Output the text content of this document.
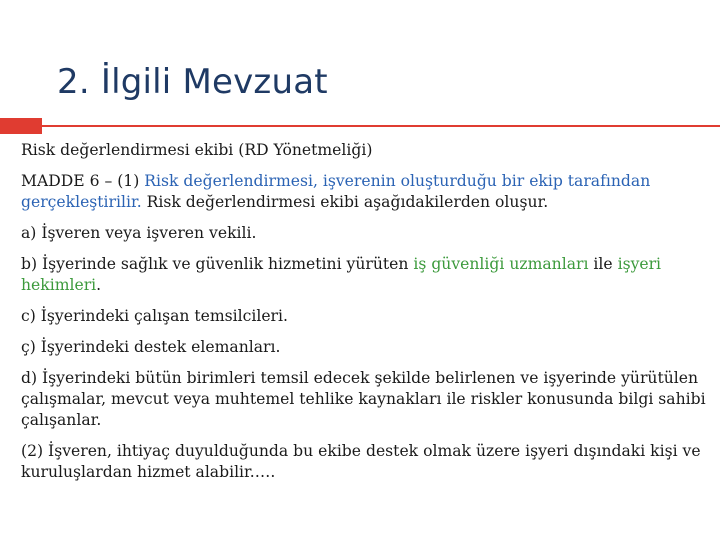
2. İlgili Mevzuat

Risk değerlendirmesi ekibi (RD Yönetmeliği)

MADDE 6 – (1) Risk değerlendirmesi, işverenin oluşturduğu bir ekip tarafından gerçekleştirilir. Risk değerlendirmesi ekibi aşağıdakilerden oluşur.

a) İşveren veya işveren vekili.

b) İşyerinde sağlık ve güvenlik hizmetini yürüten iş güvenliği uzmanları ile işyeri hekimleri.

c) İşyerindeki çalışan temsilcileri.

ç) İşyerindeki destek elemanları.

d) İşyerindeki bütün birimleri temsil edecek şekilde belirlenen ve işyerinde yürütülen çalışmalar, mevcut veya muhtemel tehlike kaynakları ile riskler konusunda bilgi sahibi çalışanlar.

(2) İşveren, ihtiyaç duyulduğunda bu ekibe destek olmak üzere işyeri dışındaki kişi ve kuruluşlardan hizmet alabilir.….
